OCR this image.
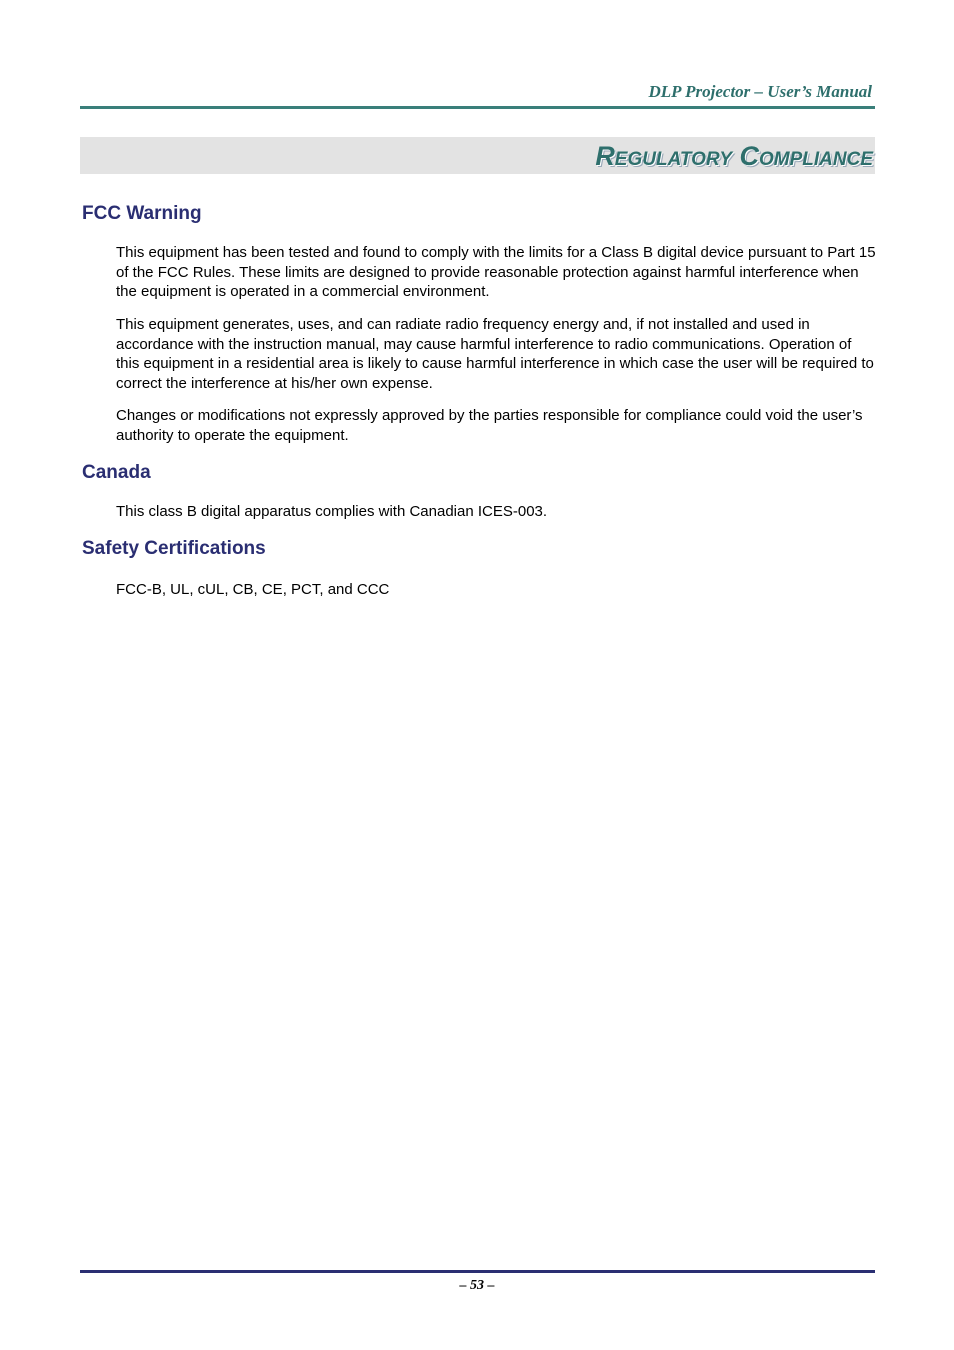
DLP Projector – User’s Manual
Regulatory Compliance
FCC Warning

This equipment has been tested and found to comply with the limits for a Class B digital device pursuant to Part 15 of the FCC Rules. These limits are designed to provide reasonable protection against harmful interference when the equipment is operated in a commercial environment.

This equipment generates, uses, and can radiate radio frequency energy and, if not installed and used in accordance with the instruction manual, may cause harmful interference to radio communications. Operation of this equipment in a residential area is likely to cause harmful interference in which case the user will be required to correct the interference at his/her own expense.

Changes or modifications not expressly approved by the parties responsible for compliance could void the user’s authority to operate the equipment.

Canada

This class B digital apparatus complies with Canadian ICES-003.

Safety Certifications

FCC-B, UL, cUL, CB, CE, PCT, and CCC

– 53 –
